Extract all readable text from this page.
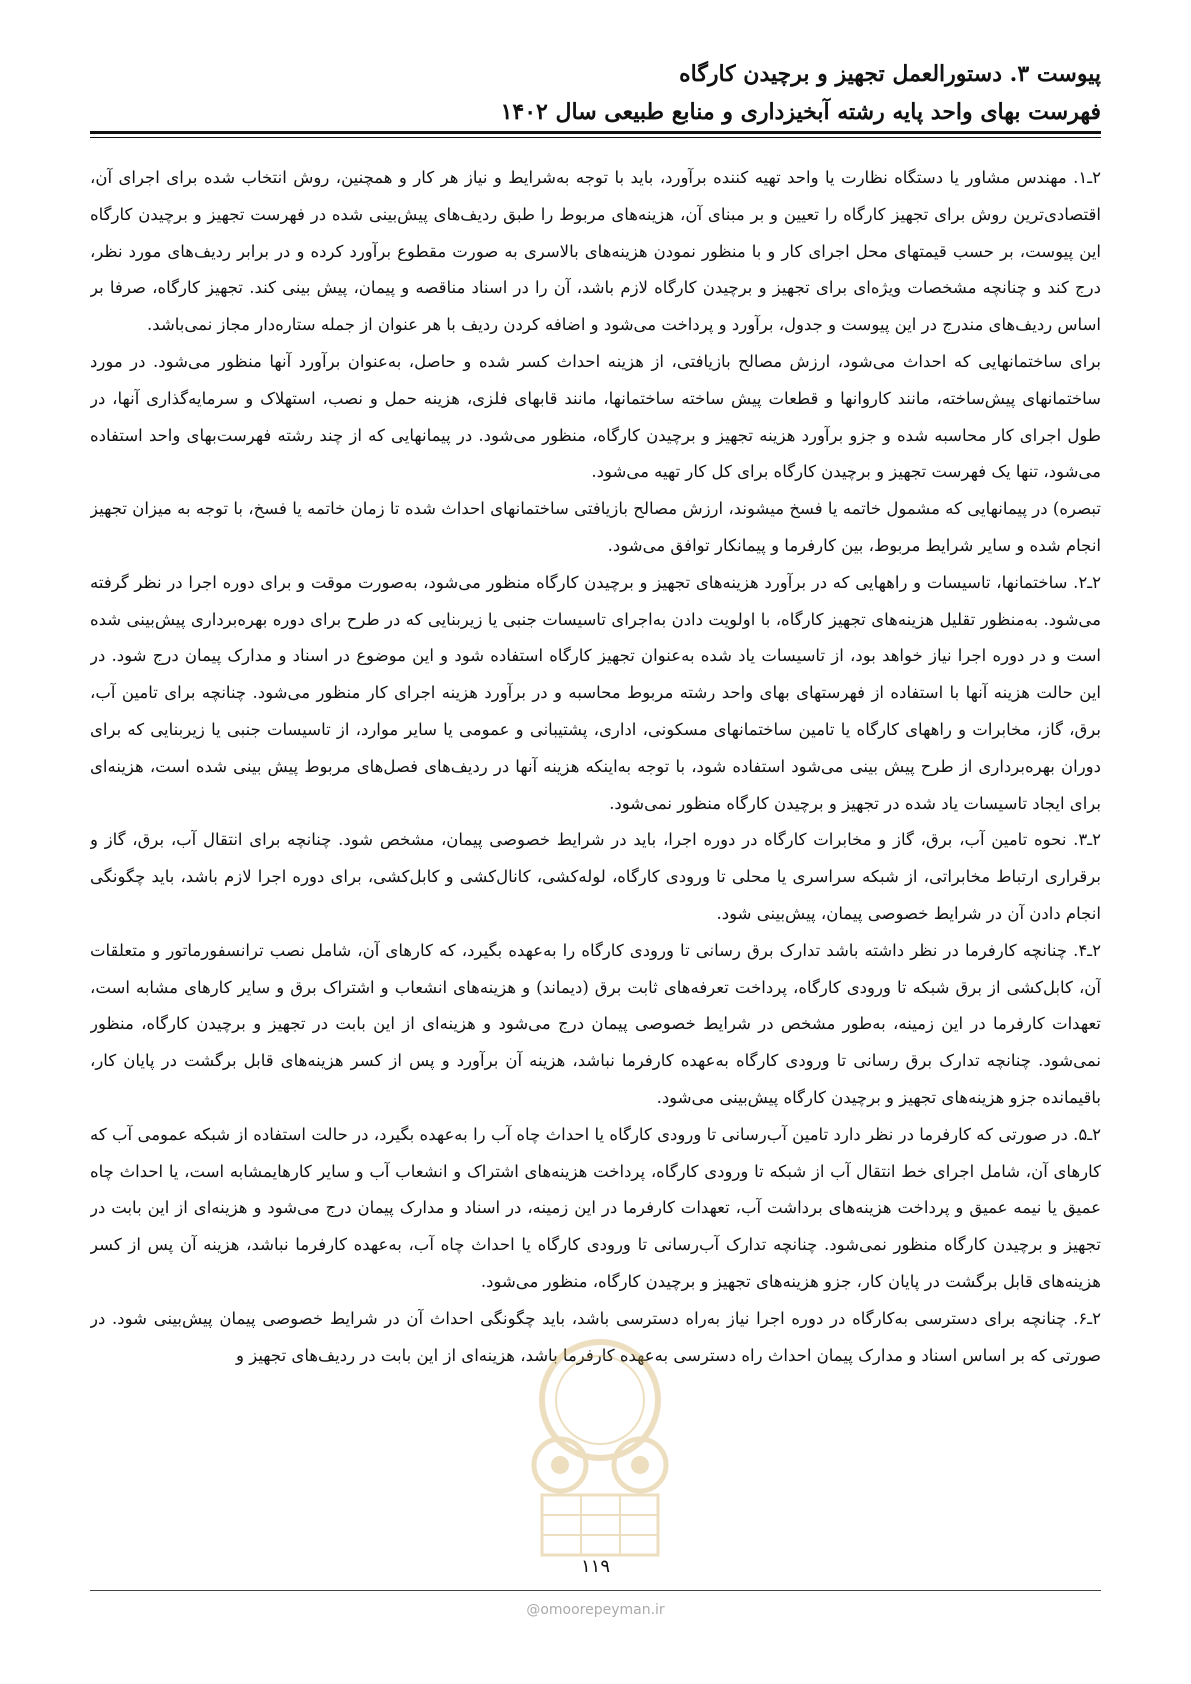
پیوست ۳. دستورالعمل تجهیز و برچیدن کارگاه
فهرست بهای واحد پایه رشته آبخیزداری و منابع طبیعی سال ۱۴۰۲

۲ـ۱. مهندس مشاور یا دستگاه نظارت یا واحد تهیه کننده برآورد، باید با توجه به‌شرایط و نیاز هر کار و همچنین، روش انتخاب شده برای اجرای آن، اقتصادی‌ترین روش برای تجهیز کارگاه را تعیین و بر مبنای آن، هزینه‌های مربوط را طبق ردیف‌های پیش‌بینی شده در فهرست تجهیز و برچیدن کارگاه این پیوست، بر حسب قیمتهای محل اجرای کار و با منظور نمودن هزینه‌های بالاسری به صورت مقطوع برآورد کرده و در برابر ردیف‌های مورد نظر، درج کند و چنانچه مشخصات ویژه‌ای برای تجهیز و برچیدن کارگاه لازم باشد، آن را در اسناد مناقصه و پیمان، پیش بینی کند. تجهیز کارگاه، صرفا بر اساس ردیف‌های مندرج در این پیوست و جدول، برآورد و پرداخت می‌شود و اضافه کردن ردیف با هر عنوان از جمله ستاره‌دار مجاز نمی‌باشد.

برای ساختمانهایی که احداث می‌شود، ارزش مصالح بازیافتی، از هزینه احداث کسر شده و حاصل، به‌عنوان برآورد آنها منظور می‌شود. در مورد ساختمانهای پیش‌ساخته، مانند کاروانها و قطعات پیش ساخته ساختمانها، مانند قابهای فلزی، هزینه حمل و نصب، استهلاک و سرمایه‌گذاری آنها، در طول اجرای کار محاسبه شده و جزو برآورد هزینه تجهیز و برچیدن کارگاه، منظور می‌شود. در پیمانهایی که از چند رشته فهرست‌بهای واحد استفاده می‌شود، تنها یک فهرست تجهیز و برچیدن کارگاه برای کل کار تهیه می‌شود.

تبصره) در پیمانهایی که مشمول خاتمه یا فسخ میشوند، ارزش مصالح بازیافتی ساختمانهای احداث شده تا زمان خاتمه یا فسخ، با توجه به میزان تجهیز انجام شده و سایر شرایط مربوط، بین کارفرما و پیمانکار توافق می‌شود.

۲ـ۲. ساختمانها، تاسیسات و راههایی که در برآورد هزینه‌های تجهیز و برچیدن کارگاه منظور می‌شود، به‌صورت موقت و برای دوره اجرا در نظر گرفته می‌شود. به‌منظور تقلیل هزینه‌های تجهیز کارگاه، با اولویت دادن به‌اجرای تاسیسات جنبی یا زیربنایی که در طرح برای دوره بهره‌برداری پیش‌بینی شده است و در دوره اجرا نیاز خواهد بود، از تاسیسات یاد شده به‌عنوان تجهیز کارگاه استفاده شود و این موضوع در اسناد و مدارک پیمان درج شود. در این حالت هزینه آنها با استفاده از فهرستهای بهای واحد رشته مربوط محاسبه و در برآورد هزینه اجرای کار منظور می‌شود. چنانچه برای تامین آب، برق، گاز، مخابرات و راههای کارگاه یا تامین ساختمانهای مسکونی، اداری، پشتیبانی و عمومی یا سایر موارد، از تاسیسات جنبی یا زیربنایی که برای دوران بهره‌برداری از طرح پیش بینی می‌شود استفاده شود، با توجه به‌اینکه هزینه آنها در ردیف‌های فصل‌های مربوط پیش بینی شده است، هزینه‌ای برای ایجاد تاسیسات یاد شده در تجهیز و برچیدن کارگاه منظور نمی‌شود.

۲ـ۳. نحوه تامین آب، برق، گاز و مخابرات کارگاه در دوره اجرا، باید در شرایط خصوصی پیمان، مشخص شود. چنانچه برای انتقال آب، برق، گاز و برقراری ارتباط مخابراتی، از شبکه سراسری یا محلی تا ورودی کارگاه، لوله‌کشی، کانال‌کشی و کابل‌کشی، برای دوره اجرا لازم باشد، باید چگونگی انجام دادن آن در شرایط خصوصی پیمان، پیش‌بینی شود.

۲ـ۴. چنانچه کارفرما در نظر داشته باشد تدارک برق رسانی تا ورودی کارگاه را به‌عهده بگیرد، که کارهای آن، شامل نصب ترانسفورماتور و متعلقات آن، کابل‌کشی از برق شبکه تا ورودی کارگاه، پرداخت تعرفه‌های ثابت برق (دیماند) و هزینه‌های انشعاب و اشتراک برق و سایر کارهای مشابه است، تعهدات کارفرما در این زمینه، به‌طور مشخص در شرایط خصوصی پیمان درج می‌شود و هزینه‌ای از این بابت در تجهیز و برچیدن کارگاه، منظور نمی‌شود. چنانچه تدارک برق رسانی تا ورودی کارگاه به‌عهده کارفرما نباشد، هزینه آن برآورد و پس از کسر هزینه‌های قابل برگشت در پایان کار، باقیمانده جزو هزینه‌های تجهیز و برچیدن کارگاه پیش‌بینی می‌شود.

۲ـ۵. در صورتی که کارفرما در نظر دارد تامین آب‌رسانی تا ورودی کارگاه یا احداث چاه آب را به‌عهده بگیرد، در حالت استفاده از شبکه عمومی آب که کارهای آن، شامل اجرای خط انتقال آب از شبکه تا ورودی کارگاه، پرداخت هزینه‌های اشتراک و انشعاب آب و سایر کارهایمشابه است، یا احداث چاه عمیق یا نیمه عمیق و پرداخت هزینه‌های برداشت آب، تعهدات کارفرما در این زمینه، در اسناد و مدارک پیمان درج می‌شود و هزینه‌ای از این بابت در تجهیز و برچیدن کارگاه منظور نمی‌شود. چنانچه تدارک آب‌رسانی تا ورودی کارگاه یا احداث چاه آب، به‌عهده کارفرما نباشد، هزینه آن پس از کسر هزینه‌های قابل برگشت در پایان کار، جزو هزینه‌های تجهیز و برچیدن کارگاه، منظور می‌شود.

۲ـ۶. چنانچه برای دسترسی به‌کارگاه در دوره اجرا نیاز به‌راه دسترسی باشد، باید چگونگی احداث آن در شرایط خصوصی پیمان پیش‌بینی شود. در صورتی که بر اساس اسناد و مدارک پیمان احداث راه دسترسی به‌عهده کارفرما باشد، هزینه‌ای از این بابت در ردیف‌های تجهیز و

۱۱۹
@omoorepeyman.ir
